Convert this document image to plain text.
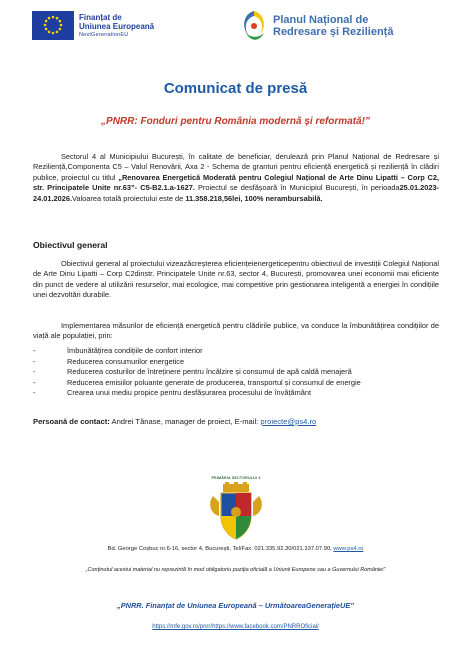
Finanțat de
Uniunea Europeană
NextGenerationEU
Planul Național de
Redresare și Reziliență
Comunicat de presă
„PNRR: Fonduri pentru România modernă și reformată!”
Sectorul 4 al Municipiului București, în calitate de beneficiar, derulează prin Planul Național de Redresare și Reziliență,Componenta C5 – Valul Renovării, Axa 2 - Schema de granturi pentru eficiență energetică și reziliență în clădiri publice, proiectul cu titlul „Renovarea Energetică Moderată pentru Colegiul Național de Arte Dinu Lipatti – Corp C2, str. Principatele Unite nr.63”- C5-B2.1.a-1627. Proiectul se desfășoară în Municipiul București, în perioada25.01.2023-24.01.2026.Valoarea totală proiectului este de 11.358.218,56lei, 100% nerambursabilă.
Obiectivul general
Obiectivul general al proiectului vizeazăcreșterea eficiențeienergeticepentru obiectivul de investiții Colegiul Național de Arte Dinu Lipatti – Corp C2dinstr. Principatele Unite nr.63, sector 4, București, promovarea unei economii mai eficiente din punct de vedere al utilizării resurselor, mai ecologice, mai competitive prin gestionarea inteligentă a energiei în condițiile unei dezvoltări durabile.
Implementarea măsurilor de eficiență energetică pentru clădirile publice, va conduce la îmbunătățirea condițiilor de viață ale populației, prin:
-	îmbunătățirea condițiile de confort interior
-	Reducerea consumurilor energetice
-	Reducerea costurilor de întreținere pentru încălzire și consumul de apă caldă menajeră
-	Reducerea emisiilor poluante generate de producerea, transportul și consumul de energie
-	Crearea unui mediu propice pentru desfășurarea procesului de învățământ
Persoană de contact: Andrei Tănase, manager de proiect, E-mail: proiecte@ps4.ro
PRIMĂRIA SECTORULUI 4
Bd. George Coșbuc nr.6-16, sector 4, București, Tel/Fax: 021.335.92.30/021.337.07.90, www.ps4.ro
„Conținutul acestui material nu reprezintă în mod obligatoriu poziția oficială a Uniunii Europene sau a Guvernului României”
„PNRR. Finanțat de Uniunea Europeană – UrmătoareaGenerațieUE”
https://mfe.gov.ro/pnrr/https://www.facebook.com/PNRROficial/
